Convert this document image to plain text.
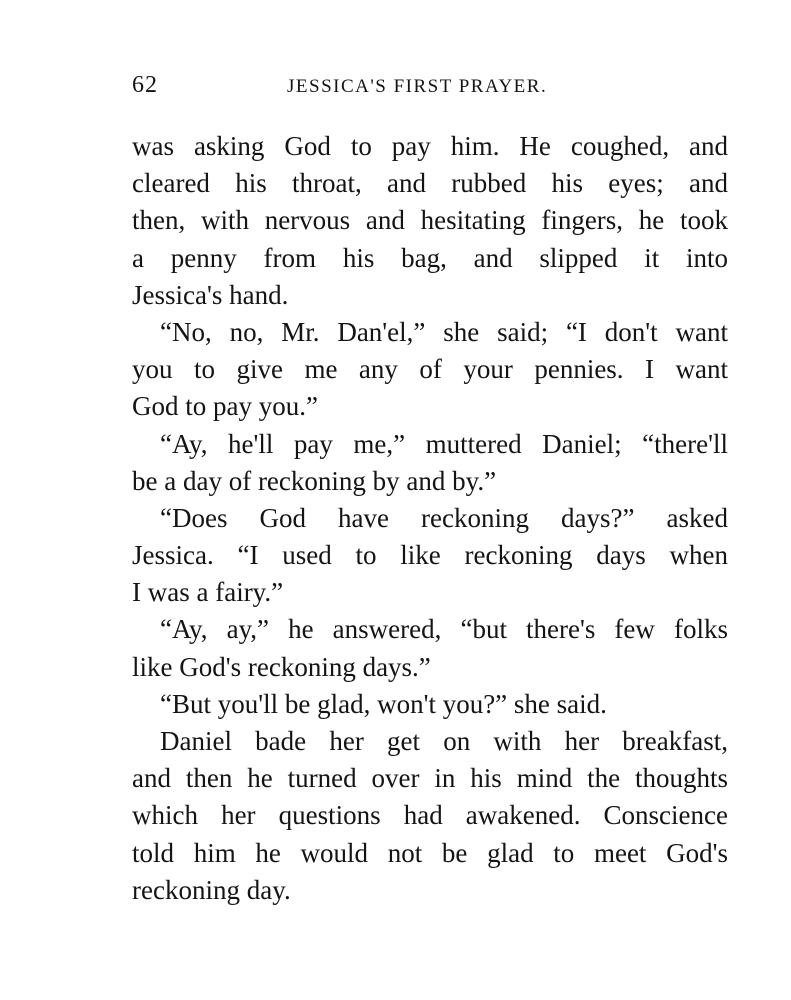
62	JESSICA'S FIRST PRAYER.
was asking God to pay him. He coughed, and
cleared his throat, and rubbed his eyes; and
then, with nervous and hesitating fingers, he took
a penny from his bag, and slipped it into
Jessica's hand.
“No, no, Mr. Dan'el,” she said; “I don't want
you to give me any of your pennies. I want
God to pay you.”
“Ay, he'll pay me,” muttered Daniel; “there'll
be a day of reckoning by and by.”
“Does God have reckoning days?” asked
Jessica. “I used to like reckoning days when
I was a fairy.”
“Ay, ay,” he answered, “but there's few folks
like God's reckoning days.”
“But you'll be glad, won't you?” she said.
Daniel bade her get on with her breakfast,
and then he turned over in his mind the thoughts
which her questions had awakened. Conscience
told him he would not be glad to meet God's
reckoning day.
